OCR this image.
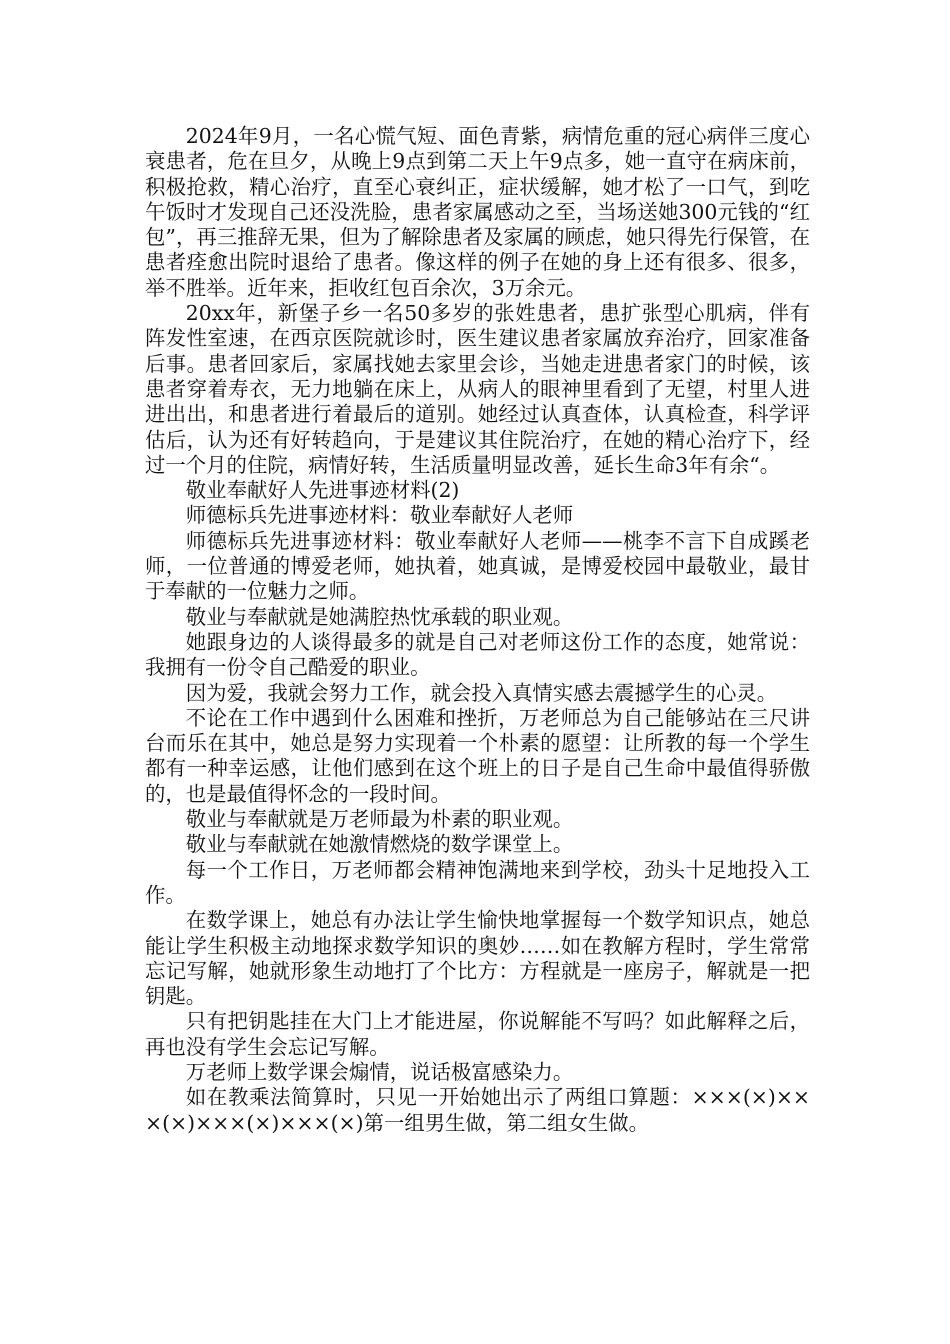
2024年9月，一名心慌气短、面色青紫，病情危重的冠心病伴三度心衰患者，危在旦夕，从晚上9点到第二天上午9点多，她一直守在病床前，积极抢救，精心治疗，直至心衰纠正，症状缓解，她才松了一口气，到吃午饭时才发现自己还没洗脸，患者家属感动之至，当场送她300元钱的“红包”，再三推辞无果，但为了解除患者及家属的顾虑，她只得先行保管，在患者痊愈出院时退给了患者。像这样的例子在她的身上还有很多、很多，举不胜举。近年来，拒收红包百余次，3万余元。

20xx年，新堡子乡一名50多岁的张姓患者，患扩张型心肌病，伴有阵发性室速，在西京医院就诊时，医生建议患者家属放弃治疗，回家准备后事。患者回家后，家属找她去家里会诊，当她走进患者家门的时候，该患者穿着寿衣，无力地躺在床上，从病人的眼神里看到了无望，村里人进进出出，和患者进行着最后的道别。她经过认真查体，认真检查，科学评估后，认为还有好转趋向，于是建议其住院治疗，在她的精心治疗下，经过一个月的住院，病情好转，生活质量明显改善，延长生命3年有余“。

敬业奉献好人先进事迹材料(2)

师德标兵先进事迹材料：敬业奉献好人老师

师德标兵先进事迹材料：敬业奉献好人老师——桃李不言下自成蹊老师，一位普通的博爱老师，她执着，她真诚，是博爱校园中最敬业，最甘于奉献的一位魅力之师。

敬业与奉献就是她满腔热忱承载的职业观。

她跟身边的人谈得最多的就是自己对老师这份工作的态度，她常说：我拥有一份令自己酷爱的职业。

因为爱，我就会努力工作，就会投入真情实感去震撼学生的心灵。

不论在工作中遇到什么困难和挫折，万老师总为自己能够站在三尺讲台而乐在其中，她总是努力实现着一个朴素的愿望：让所教的每一个学生都有一种幸运感，让他们感到在这个班上的日子是自己生命中最值得骄傲的，也是最值得怀念的一段时间。

敬业与奉献就是万老师最为朴素的职业观。

敬业与奉献就在她激情燃烧的数学课堂上。

每一个工作日，万老师都会精神饱满地来到学校，劲头十足地投入工作。

在数学课上，她总有办法让学生愉快地掌握每一个数学知识点，她总能让学生积极主动地探求数学知识的奥妙……如在教解方程时，学生常常忘记写解，她就形象生动地打了个比方：方程就是一座房子，解就是一把钥匙。

只有把钥匙挂在大门上才能进屋，你说解能不写吗？如此解释之后，再也没有学生会忘记写解。

万老师上数学课会煽情，说话极富感染力。

如在教乘法简算时，只见一开始她出示了两组口算题：×××(×)×××(×)×××(×)×××(×)第一组男生做，第二组女生做。
